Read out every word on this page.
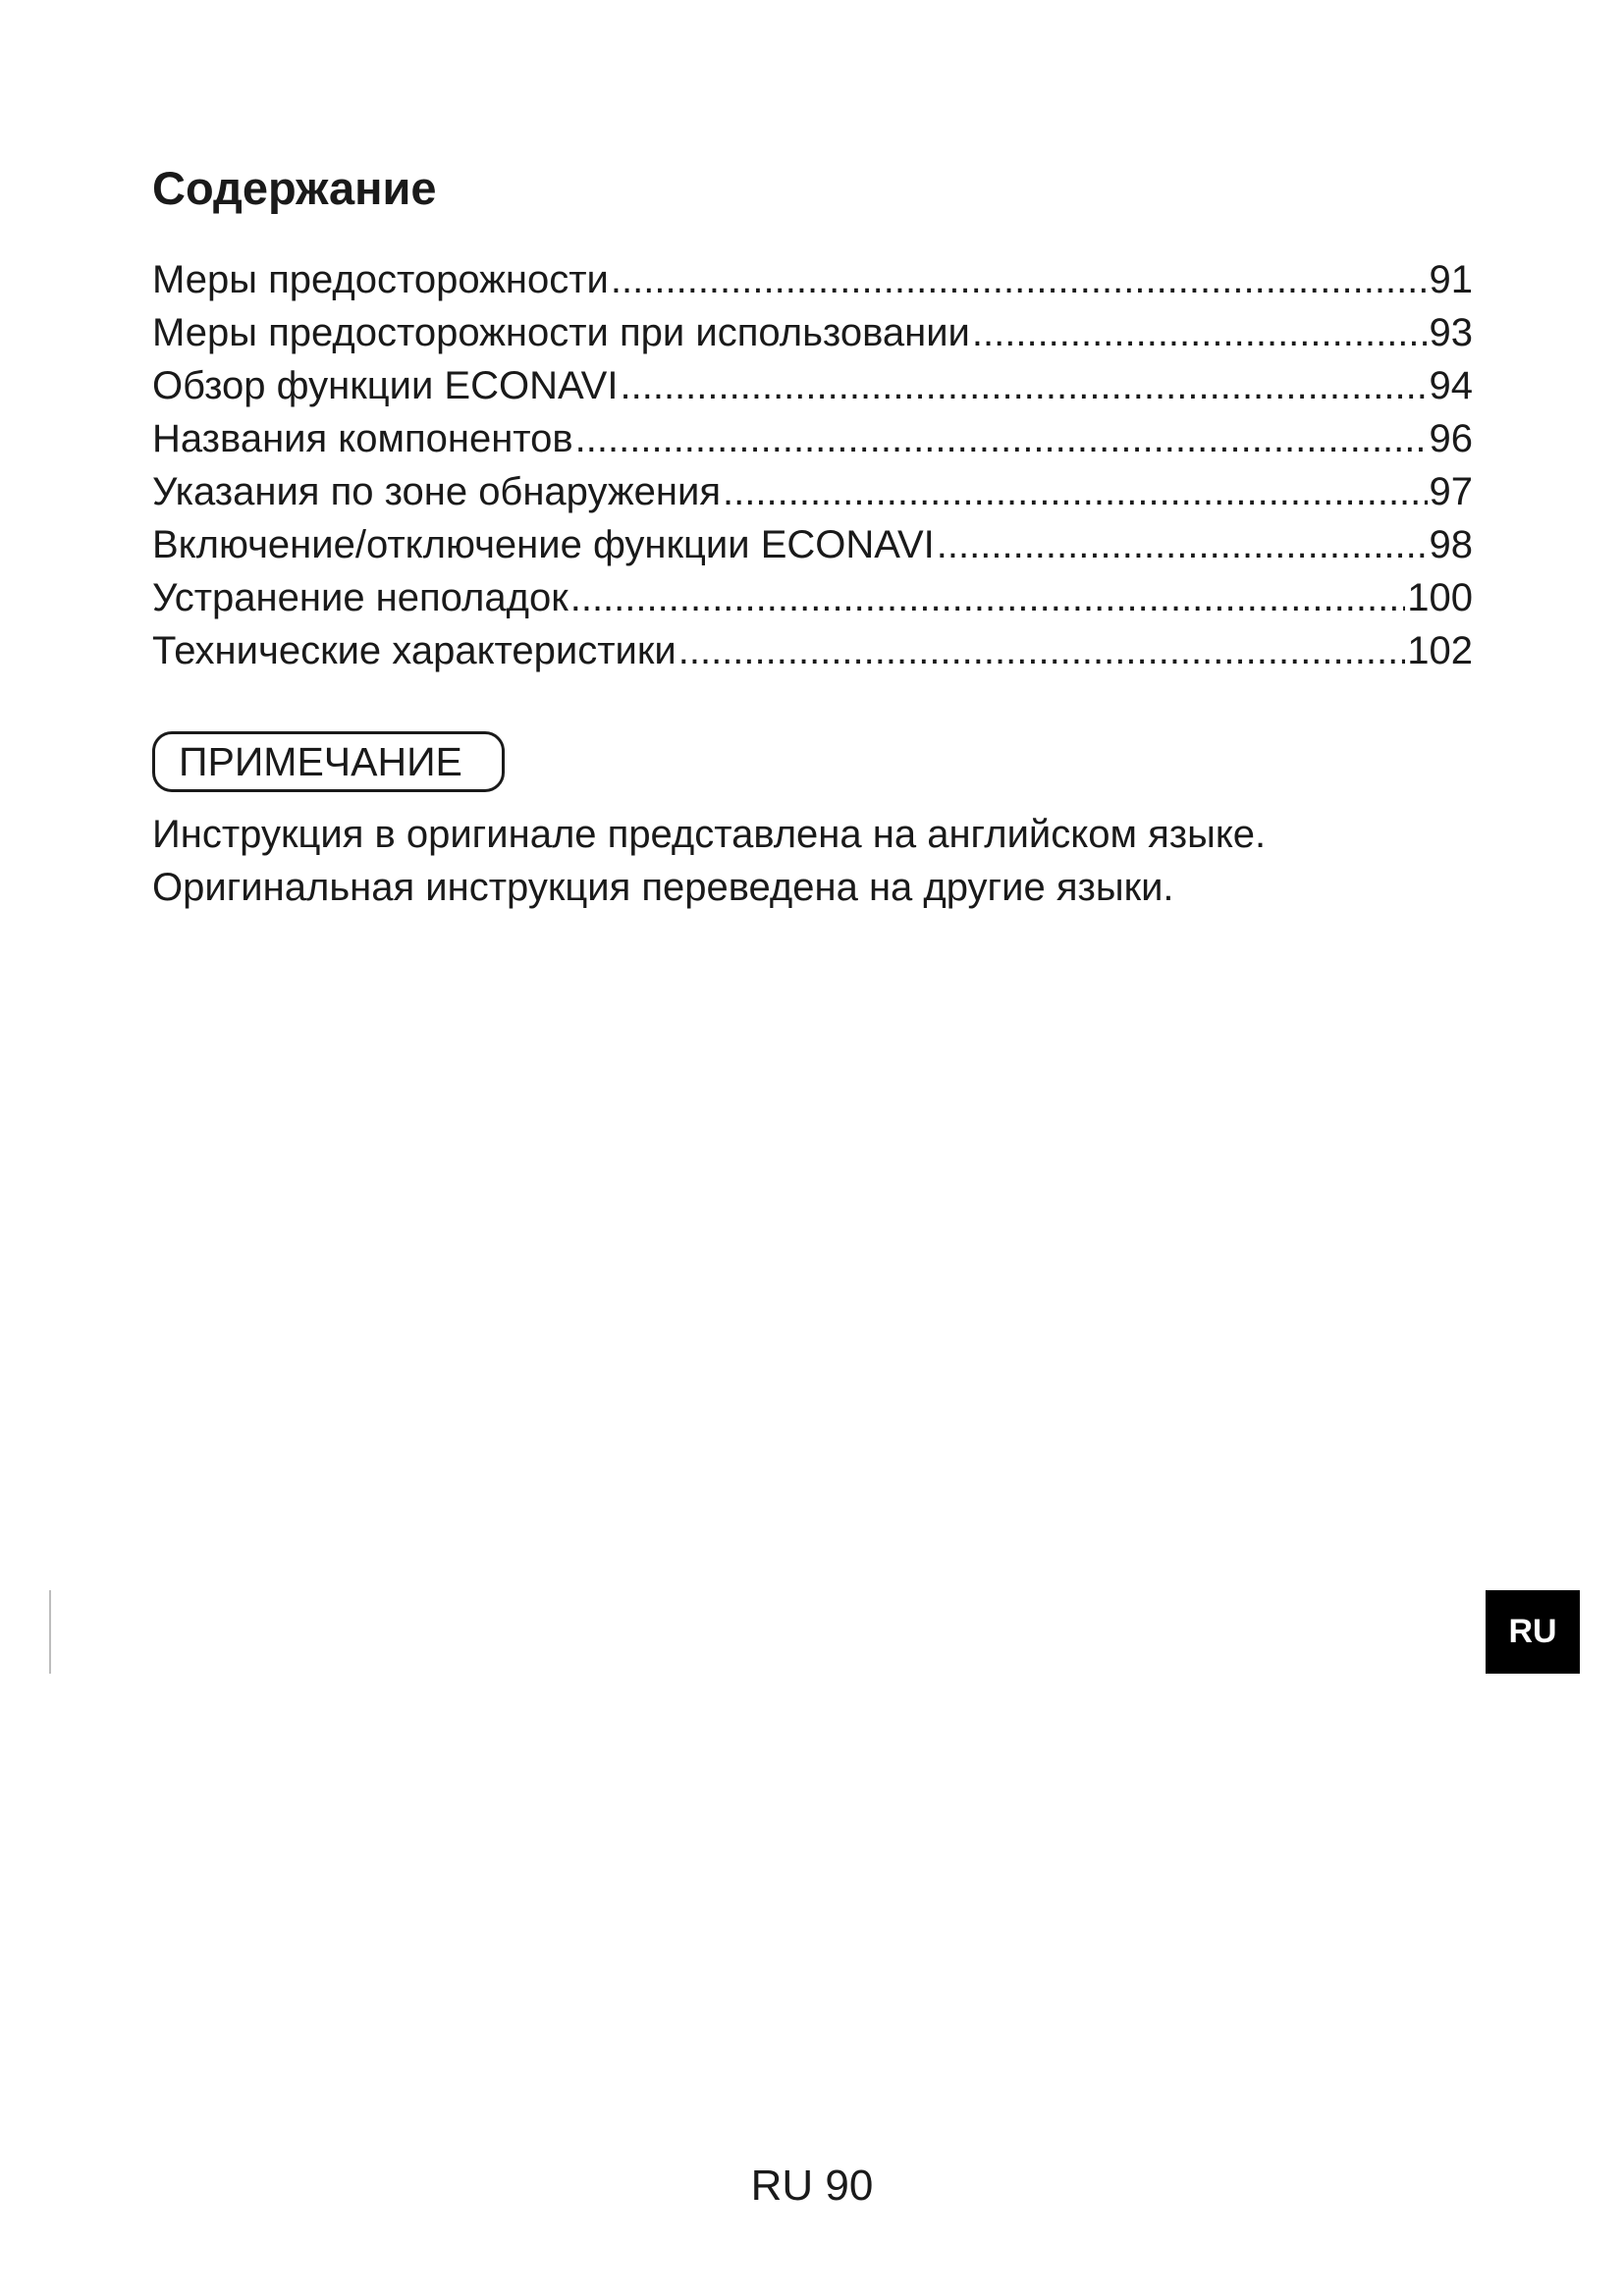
Содержание
Меры предосторожности .....	91
Меры предосторожности при использовании .....	93
Обзор функции ECONAVI .....	94
Названия компонентов .....	96
Указания по зоне обнаружения .....	97
Включение/отключение функции ECONAVI .....	98
Устранение неполадок .....	100
Технические характеристики .....	102
ПРИМЕЧАНИЕ

Инструкция в оригинале представлена на английском языке.

Оригинальная инструкция переведена на другие языки.

RU
RU 90
